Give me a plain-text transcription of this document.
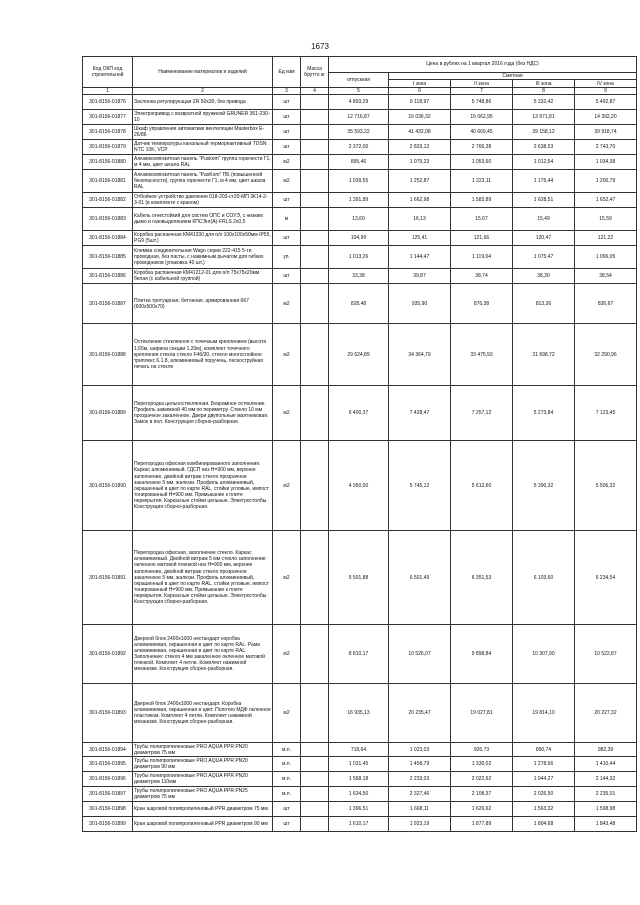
1673
Код ОКП код строительной	Наименование материалов и изделий	Ед изм	Масса брутто кг	Цена в рублях на 1 квартал 2016 года (без НДС)				
				отпускная	Сметная			
					I зона	II зона	III зона	IV зона
1	2	3	4	5	6	7	8	9
301-8156-01876	Заслонка регулирующая ZR 50x30, без привода	шт		4 893,29	6 118,97	5 748,86	5 332,42	5 492,87
301-8156-01877	Электропривод с возвратной пружиной GRUNER 361-230-10	шт		12 716,87	16 036,32	15 062,95	13 971,81	14 392,20
301-8156-01878	Шкаф управления автоматики вентиляции Masterbox E-26/86	шт		35 593,22	41 432,08	40 669,45	39 158,12	39 918,74
301-8156-01879	Датчик температуры канальный термореактивный TDSN NTC 10K, VCP	шт		2 372,00	2 833,12	2 766,38	2 638,53	2 743,70
301-8156-01880	Алюмокомпозитная панель "Puskom" группа горючести Г1, м 4 мм, цвет шкала RAL	м2		895,46	1 079,23	1 053,60	1 012,54	1 034,38
301-8156-01881	Алюмокомпозитная панель "PasKom" ПБ (повышенной безопасности), группа горючести Г1, м 4 мм, цвет шкала RAL	м2		1 039,55	1 252,87	1 223,11	1 175,44	1 200,79
301-8156-01882	Отбойное устройство давления 018-203-ст20-МП 3К14-2-3-01 (в комплекте с краном)	шт		1 391,89	1 662,98	1 583,89	1 628,51	1 652,47
301-8156-01883	Кабель огнестойкий для систем ОПС и СОУЭ, с низким дымо и газовыделением КПСЭнг(А)-FRLS 2x0,5	м		13,60	16,13	15,67	15,49	15,59
301-8156-01884	Коробка распаечная КМ41330 для о/п 100x100x50мм IP55, PG9 (5шт.)	шт		104,99	125,41	121,66	120,47	121,22
301-8156-01885	Клемма соединительная Wago серии 222-415 5-ти проводная, без пасты, с нажимным рычагом для гибких проводников (упаковка 40 шт.)	уп.		1 013,26	1 144,47	1 119,04	1 075,47	1 096,05
301-8156-01886	Коробка распаечная КМ41212-01 для о/п 75x75x20мм белая (с кабельной группой)	шт		33,38	39,87	38,74	38,30	38,54
301-8156-01887	Плитка тротуарная, бетонная, армированная 6К7 (600x500x70)	м2		828,48	935,90	876,38	813,26	836,67
301-8156-01888	Остекление стеклянное с точечным креплением (высота 1,65м, ширина секции 1,20м), комплект точечного крепления стекла стекло F4б/30, стекло многослойное триплекс 6.1.8, алюминиевый поручень, пескоструйная печать на стекле	м2		29 624,89	34 364,79	33 475,93	31 698,72	32 290,96
301-8156-01889	Перегородка цельностеклянная. Безрамное остекление. Профиль зажимной 40 мм по периметру. Стекло 10 мм прозрачное закаленное. Двери двупольные маятниковая. Замок в пол. Конструкция сборно-разборная.	м2		6 400,37	7 428,47	7 257,12	5 273,84	7 123,45
301-8156-01890	Перегородка офисная комбинированного заполнения. Каркас алюминиевый. ГДСП низ H=900 мм, верхнее заполнение, двойной витраж стекло прозрачное закаленное 5 мм, жалюзи. Профиль алюминиевый, окрашенный в цвет по карте RAL, стойки угловые, импост тонированный H=900 мм. Примыкание к плите перекрытия. Каркасные стойки цельные. Электростолбы. Конструкция сборно-разборная.	м2		4 950,00	5 745,12	5 612,60	5 390,32	5 506,32
301-8156-01891	Перегородка офисная, заполнение стекло. Каркас алюминиевый. Двойной витраж 5 мм стекло заполнение окленное матовой пленкой низ H=900 мм, верхнее заполнение, двойной витраж стекло прозрачное закаленное 5 мм, жалюзи. Профиль алюминиевый, окрашенный в цвет по карте RAL, стойки угловые, импост тонированный H=900 мм. Примыкание к плите перекрытия. Каркасные стойки цельные. Электростолбы. Конструкция сборно-разборная.	м2		5 501,88	6 501,49	6 351,53	6 103,60	6 234,54
301-8156-01892	Дверной блок 2400x1000 нестандарт коробка алюминиевая, окрашенная в цвет по карте RAL. Рама алюминиевая, окрашенная в цвет по карте RAL. Заполнение: стекло 4 мм закаленное окленное матовой пленкой. Комплект 4 петли. Комплект нажимной механизм. Конструкция сборно-разборная.	м2		8 810,17	10 526,07	9 898,84	10 307,90	10 522,87
301-8156-01893	Дверной блок 2400x1000 нестандарт. Коробка алюминиевая, окрашенная в цвет. Полотно МДФ окленное пластиком. Комплект 4 петли. Комплект нажимной механизм. Конструкция сборно-разборная.	м2		16 935,13	20 235,47	19 027,81	19 814,10	20 227,32
301-8156-01894	Трубы полипропиленовые PRO AQUA PPR PN20 диаметром 75 мм	м.п.		718,64	1 023,03	926,73	890,74	982,39
301-8156-01895	Трубы полипропиленовые PRO AQUA PPR PN20 диаметром 90 мм	м.п.		1 031,45	1 458,79	1 330,02	1 278,66	1 410,44
301-8156-01896	Трубы полипропиленовые PRO AQUA PPR PN20 диаметром 110мм	м.п.		1 568,18	2 233,03	2 022,62	1 944,27	2 144,32
301-8156-01897	Трубы полипропиленовые PRO AQUA PPR PN25 диаметром 75 мм	м.п.		1 634,50	2 327,46	2 108,37	2 026,50	2 235,01
301-8156-01898	Кран шаровой полипропиленовый PPR диаметром 75 мм	шт		1 396,51	1 668,11	1 626,62	1 563,32	1 598,98
301-8156-01899	Кран шаровой полипропиленовый PPR диаметром 90 мм	шт		1 610,17	1 923,19	1 877,89	1 804,68	1 843,48
